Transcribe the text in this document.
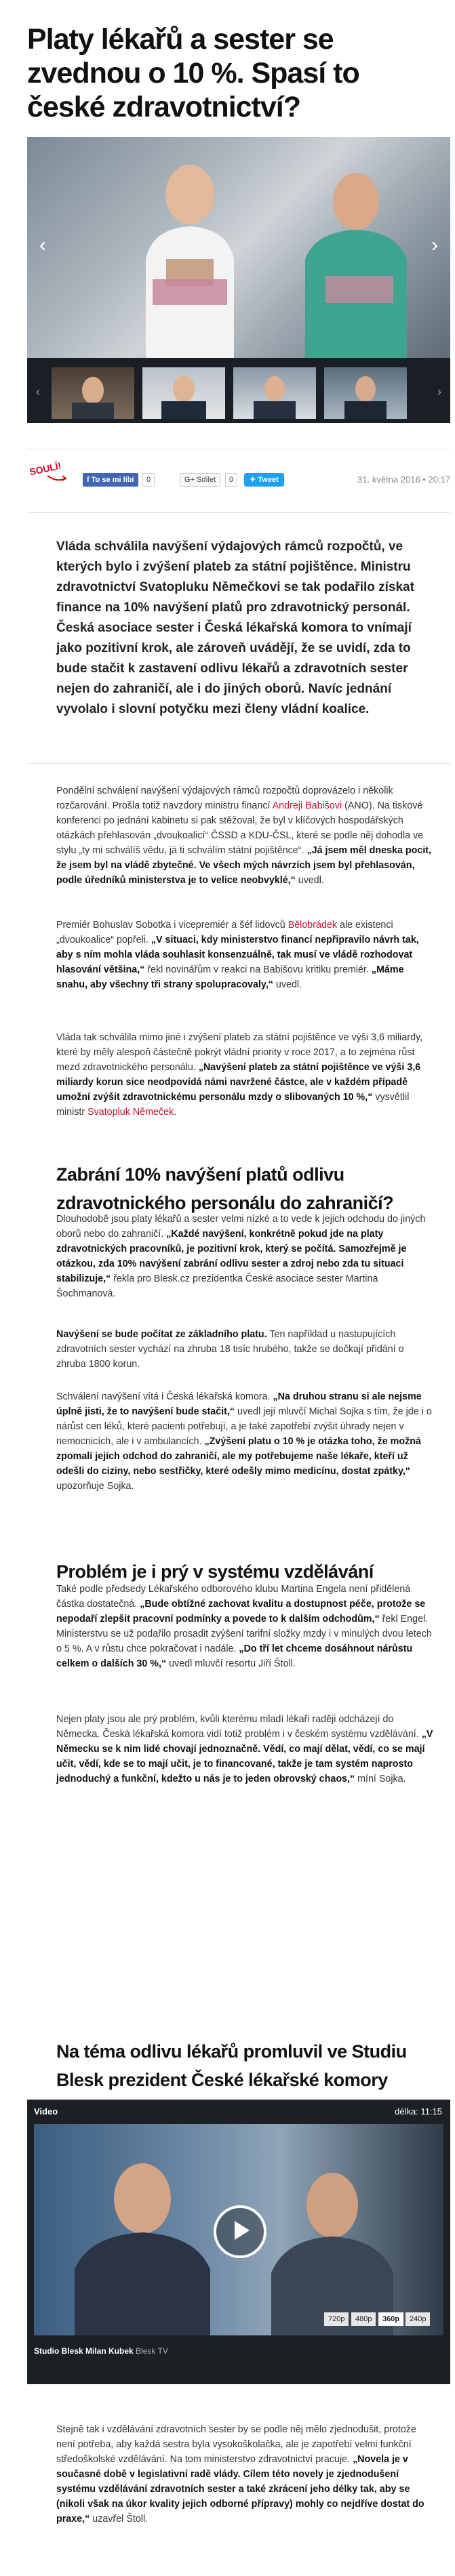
Platy lékařů a sester se zvednou o 10 %. Spasí to české zdravotnictví?
‹	›
‹	›
SOULÍ!
f To se mi líbí	0	G+ Sdílet	0	✦ Tweet	31. května 2016 • 20:17
Vláda schválila navýšení výdajových rámců rozpočtů, ve kterých bylo i zvýšení plateb za státní pojištěnce. Ministru zdravotnictví Svatopluku Němečkovi se tak podařilo získat finance na 10% navýšení platů pro zdravotnický personál. Česká asociace sester i Česká lékařská komora to vnímají jako pozitivní krok, ale zároveň uvádějí, že se uvidí, zda to bude stačit k zastavení odlivu lékařů a zdravotních sester nejen do zahraničí, ale i do jiných oborů. Navíc jednání vyvolalo i slovní potyčku mezi členy vládní koalice.
Pondělní schválení navýšení výdajových rámců rozpočtů doprovázelo i několik rozčarování. Prošla totiž navzdory ministru financí Andreji Babišovi (ANO). Na tiskové konferenci po jednání kabinetu si pak stěžoval, že byl v klíčových hospodářských otázkách přehlasován „dvoukoalicí“ ČSSD a KDU-ČSL, které se podle něj dohodla ve stylu „ty mi schválíš vědu, já ti schválím státní pojištěnce“. „Já jsem měl dneska pocit, že jsem byl na vládě zbytečné. Ve všech mých návrzích jsem byl přehlasován, podle úředníků ministerstva je to velice neobvyklé,“ uvedl.
Premiér Bohuslav Sobotka i vicepremiér a šéf lidovců Bělobrádek ale existenci „dvoukoalice“ popřeli. „V situaci, kdy ministerstvo financí nepřipravilo návrh tak, aby s ním mohla vláda souhlasit konsenzuálně, tak musí ve vládě rozhodovat hlasování většina,“ řekl novinářům v reakci na Babišovu kritiku premiér. „Máme snahu, aby všechny tři strany spolupracovaly,“ uvedl.
Vláda tak schválila mimo jiné i zvýšení plateb za státní pojištěnce ve výši 3,6 miliardy, které by měly alespoň částečně pokrýt vládní priority v roce 2017, a to zejména růst mezd zdravotnického personálu. „Navýšení plateb za státní pojištěnce ve výši 3,6 miliardy korun sice neodpovídá námi navržené částce, ale v každém případě umožní zvýšit zdravotnickému personálu mzdy o slibovaných 10 %,“ vysvětlil ministr Svatopluk Němeček.
Zabrání 10% navýšení platů odlivu zdravotnického personálu do zahraničí?
Dlouhodobě jsou platy lékařů a sester velmi nízké a to vede k jejich odchodu do jiných oborů nebo do zahraničí. „Každé navýšení, konkrétně pokud jde na platy zdravotnických pracovníků, je pozitivní krok, který se počítá. Samozřejmě je otázkou, zda 10% navýšení zabrání odlivu sester a zdroj nebo zda tu situaci stabilizuje,“ řekla pro Blesk.cz prezidentka České asociace sester Martina Šochmanová.
Navýšení se bude počítat ze základního platu. Ten například u nastupujících zdravotních sester vychází na zhruba 18 tisíc hrubého, takže se dočkají přidání o zhruba 1800 korun.
Schválení navýšení vítá i Česká lékařská komora. „Na druhou stranu si ale nejsme úplně jisti, že to navýšení bude stačit,“ uvedl její mluvčí Michal Sojka s tím, že jde i o nárůst cen léků, které pacienti potřebují, a je také zapotřebí zvýšit úhrady nejen v nemocnicích, ale i v ambulancích. „Zvýšení platu o 10 % je otázka toho, že možná zpomalí jejich odchod do zahraničí, ale my potřebujeme naše lékaře, kteří už odešli do ciziny, nebo sestřičky, které odešly mimo medicínu, dostat zpátky,“ upozorňuje Sojka.
Problém je i prý v systému vzdělávání
Také podle předsedy Lékařského odborového klubu Martina Engela není přidělená částka dostatečná. „Bude obtížné zachovat kvalitu a dostupnost péče, protože se nepodaří zlepšit pracovní podmínky a povede to k dalším odchodům,“ řekl Engel. Ministerstvu se už podařilo prosadit zvýšení tarifní složky mzdy i v minulých dvou letech o 5 %. A v růstu chce pokračovat i nadále. „Do tří let chceme dosáhnout nárůstu celkem o dalších 30 %,“ uvedl mluvčí resortu Jiří Štoll.
Nejen platy jsou ale prý problém, kvůli kterému mladí lékaři raději odcházejí do Německa. Česká lékařská komora vidí totiž problém i v českém systému vzdělávání. „V Německu se k nim lidé chovají jednoznačně. Vědí, co mají dělat, vědí, co se mají učit, vědí, kde se to mají učit, je to financované, takže je tam systém naprosto jednoduchý a funkční, kdežto u nás je to jeden obrovský chaos,“ míní Sojka.
Na téma odlivu lékařů promluvil ve Studiu Blesk prezident České lékařské komory
Video	délka: 11:15
720p	480p	360p	240p
Studio Blesk Milan Kubek Blesk TV
Stejně tak i vzdělávání zdravotních sester by se podle něj mělo zjednodušit, protože není potřeba, aby každá sestra byla vysokoškolačka, ale je zapotřebí velmi funkční středoškolské vzdělávání. Na tom ministerstvo zdravotnictví pracuje. „Novela je v současné době v legislativní radě vlády. Cílem této novely je zjednodušení systému vzdělávání zdravotních sester a také zkrácení jeho délky tak, aby se (nikoli však na úkor kvality jejich odborné přípravy) mohly co nejdříve dostat do praxe,“ uzavřel Štoll.
